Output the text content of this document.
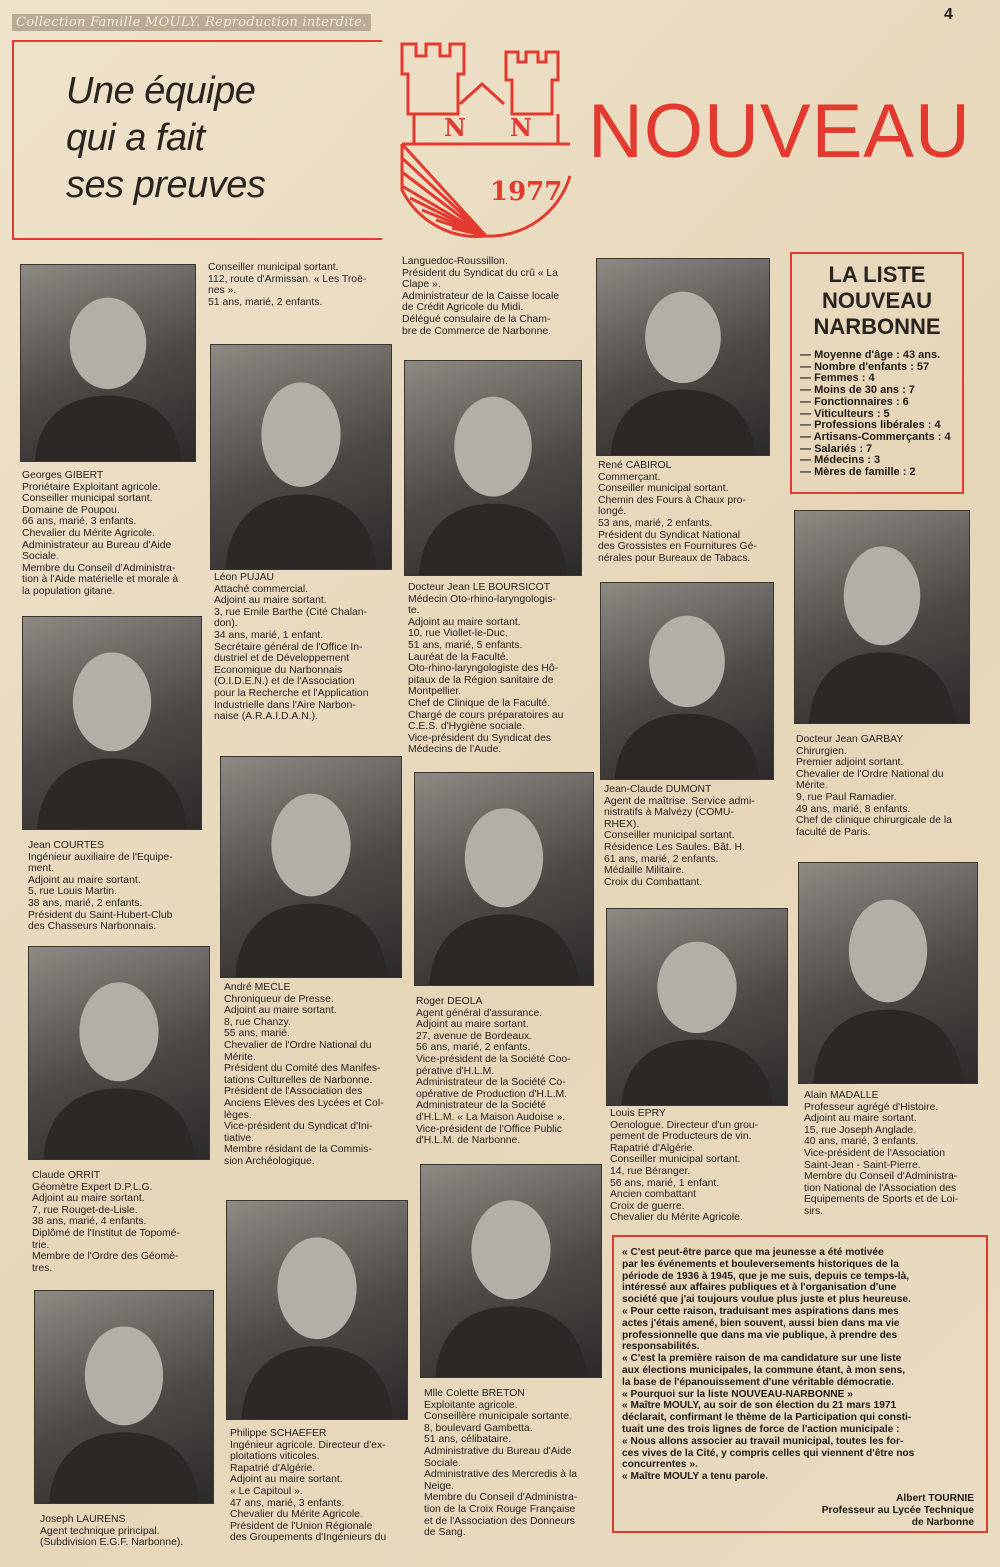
Collection Famille MOULY. Reproduction interdite.	4
Une équipe
qui a fait
ses preuves
N N
1977
NOUVEAU
Georges GIBERT
Proriétaire Exploitant agricole.
Conseiller municipal sortant.
Domaine de Poupou.
66 ans, marié, 3 enfants.
Chevalier du Mérite Agricole.
Administrateur au Bureau d'Aide
Sociale.
Membre du Conseil d'Administra-
tion à l'Aide matérielle et morale à
la population gitane.
Léon PUJAU
Attaché commercial.
Adjoint au maire sortant.
3, rue Emile Barthe (Cité Chalan-
don).
34 ans, marié, 1 enfant.
Secrétaire général de l'Office In-
dustriel et de Développement
Economique du Narbonnais
(O.I.D.E.N.) et de l'Association
pour la Recherche et l'Application
Industrielle dans l'Aire Narbon-
naise (A.R.A.I.D.A.N.).
Docteur Jean LE BOURSICOT
Médecin Oto-rhino-laryngologis-
te.
Adjoint au maire sortant.
10, rue Viollet-le-Duc.
51 ans, marié, 5 enfants.
Lauréat de la Faculté.
Oto-rhino-laryngologiste des Hô-
pitaux de la Région sanitaire de
Montpellier.
Chef de Clinique de la Faculté.
Chargé de cours préparatoires au
C.E.S. d'Hygiène sociale.
Vice-président du Syndicat des
Médecins de l'Aude.
René CABIROL
Commerçant.
Conseiller municipal sortant.
Chemin des Fours à Chaux pro-
longé.
53 ans, marié, 2 enfants.
Président du Syndicat National
des Grossistes en Fournitures Gé-
nérales pour Bureaux de Tabacs.
Jean COURTES
Ingénieur auxiliaire de l'Equipe-
ment.
Adjoint au maire sortant.
5, rue Louis Martin.
38 ans, marié, 2 enfants.
Président du Saint-Hubert-Club
des Chasseurs Narbonnais.
Jean-Claude DUMONT
Agent de maîtrise. Service admi-
nistratifs à Malvézy (COMU-
RHEX).
Conseiller municipal sortant.
Résidence Les Saules. Bât. H.
61 ans, marié, 2 enfants.
Médaille Militaire.
Croix du Combattant.
Docteur Jean GARBAY
Chirurgien.
Premier adjoint sortant.
Chevalier de l'Ordre National du
Mérite.
9, rue Paul Ramadier.
49 ans, marié, 8 enfants.
Chef de clinique chirurgicale de la
faculté de Paris.
André MECLE
Chroniqueur de Presse.
Adjoint au maire sortant.
8, rue Chanzy.
55 ans, marié.
Chevalier de l'Ordre National du
Mérite.
Président du Comité des Manifes-
tations Culturelles de Narbonne.
Président de l'Association des
Anciens Elèves des Lycées et Col-
lèges.
Vice-président du Syndicat d'Ini-
tiative.
Membre résidant de la Commis-
sion Archéologique.
Roger DEOLA
Agent général d'assurance.
Adjoint au maire sortant.
27, avenue de Bordeaux.
56 ans, marié, 2 enfants.
Vice-président de la Société Coo-
pérative d'H.L.M.
Administrateur de la Société Co-
opérative de Production d'H.L.M.
Administrateur de la Société
d'H.L.M. « La Maison Audoise ».
Vice-président de l'Office Public
d'H.L.M. de Narbonne.
Louis EPRY
Oenologue. Directeur d'un grou-
pement de Producteurs de vin.
Rapatrié d'Algérie.
Conseiller municipal sortant.
14, rue Béranger.
56 ans, marié, 1 enfant.
Ancien combattant
Croix de guerre.
Chevalier du Mérite Agricole.
Alain MADALLE
Professeur agrégé d'Histoire.
Adjoint au maire sortant.
15, rue Joseph Anglade.
40 ans, marié, 3 enfants.
Vice-président de l'Association
Saint-Jean - Saint-Pierre.
Membre du Conseil d'Administra-
tion National de l'Association des
Equipements de Sports et de Loi-
sirs.
Claude ORRIT
Géomètre Expert D.P.L.G.
Adjoint au maire sortant.
7, rue Rouget-de-Lisle.
38 ans, marié, 4 enfants.
Diplômé de l'Institut de Topomé-
trie.
Membre de l'Ordre des Géomè-
tres.
Joseph LAURENS
Agent technique principal.
(Subdivision E.G.F. Narbonne).
Philippe SCHAEFER
Ingénieur agricole. Directeur d'ex-
ploitations viticoles.
Rapatrié d'Algérie.
Adjoint au maire sortant.
« Le Capitoul ».
47 ans, marié, 3 enfants.
Chevalier du Mérite Agricole.
Président de l'Union Régionale
des Groupements d'Ingénieurs du
Mlle Colette BRETON
Exploitante agricole.
Conseillère municipale sortante.
8, boulevard Gambetta.
51 ans, célibataire.
Administrative du Bureau d'Aide
Sociale.
Administrative des Mercredis à la
Neige.
Membre du Conseil d'Administra-
tion de la Croix Rouge Française
et de l'Association des Donneurs
de Sang.
Conseiller municipal sortant.
112, route d'Armissan. « Les Troë-
nes ».
51 ans, marié, 2 enfants.
Languedoc-Roussillon.
Président du Syndicat du crû « La
Clape ».
Administrateur de la Caisse locale
de Crédit Agricole du Midi.
Délégué consulaire de la Cham-
bre de Commerce de Narbonne.
LA LISTE
NOUVEAU
NARBONNE
— Moyenne d'âge : 43 ans.
— Nombre d'enfants : 57
— Femmes : 4
— Moins de 30 ans : 7
— Fonctionnaires : 6
— Viticulteurs : 5
— Professions libérales : 4
— Artisans-Commerçants : 4
— Salariés : 7
— Médecins : 3
— Mères de famille : 2

« C'est peut-être parce que ma jeunesse a été motivée

par les événements et bouleversements historiques de la

période de 1936 à 1945, que je me suis, depuis ce temps-là,

intéressé aux affaires publiques et à l'organisation d'une

société que j'ai toujours voulue plus juste et plus heureuse.

« Pour cette raison, traduisant mes aspirations dans mes

actes j'étais amené, bien souvent, aussi bien dans ma vie

professionnelle que dans ma vie publique, à prendre des

responsabilités.

« C'est la première raison de ma candidature sur une liste

aux élections municipales, la commune étant, à mon sens,

la base de l'épanouissement d'une véritable démocratie.

« Pourquoi sur la liste NOUVEAU-NARBONNE »

« Maître MOULY, au soir de son élection du 21 mars 1971

déclarait, confirmant le thème de la Participation qui consti-

tuait une des trois lignes de force de l'action municipale :

« Nous allons associer au travail municipal, toutes les for-

ces vives de la Cité, y compris celles qui viennent d'être nos

concurrentes ».

« Maître MOULY a tenu parole.

Albert TOURNIE
Professeur au Lycée Technique
de Narbonne
